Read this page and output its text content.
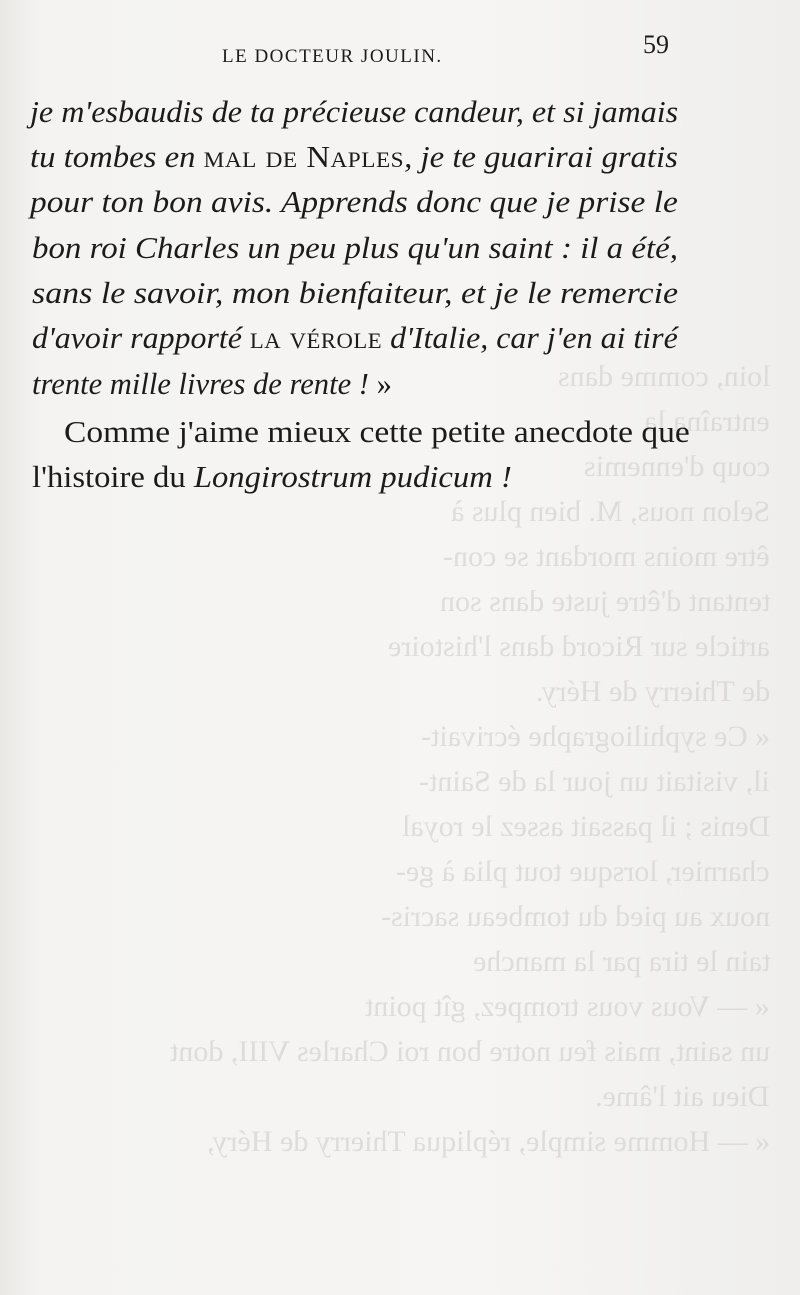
LE DOCTEUR JOULIN.	59
loin, comme dans
entraîna la
coup d'ennemis
Selon nous, M. bien plus à
être moins mordant se con-
tentant d'être juste dans son
article sur Ricord dans l'histoire
de Thierry de Héry.
« Ce syphiliographe écrivait-
il, visitait un jour la de Saint-
Denis ; il passait assez le royal
charnier, lorsque tout plia à ge-
noux au pied du tombeau sacris-
tain le tira par la manche
« — Vous vous trompez, gît point
un saint, mais feu notre bon roi Charles VIII, dont
Dieu ait l'âme.
« — Homme simple, répliqua Thierry de Héry,
je m'esbaudis de ta précieuse candeur, et si jamais
tu tombes en mal de Naples, je te guarirai gratis
pour ton bon avis. Apprends donc que je prise le
bon roi Charles un peu plus qu'un saint : il a été,
sans le savoir, mon bienfaiteur, et je le remercie
d'avoir rapporté la vérole d'Italie, car j'en ai tiré
trente mille livres de rente ! »
Comme j'aime mieux cette petite anecdote que
l'histoire du Longirostrum pudicum !
